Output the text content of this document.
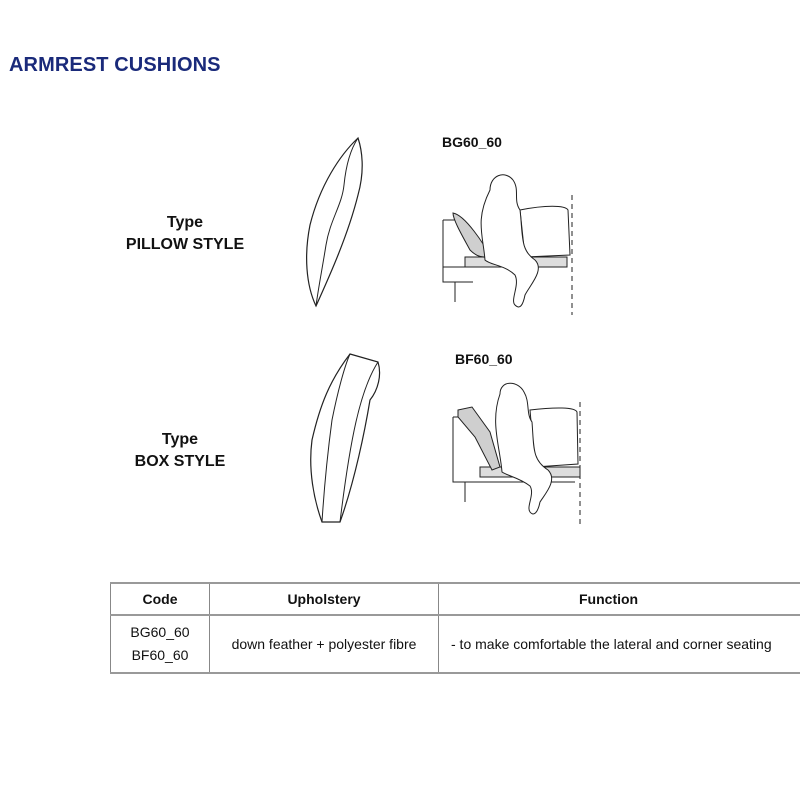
ARMREST CUSHIONS
Type
PILLOW STYLE
BG60_60
Type
BOX STYLE
BF60_60
Code	Upholstery	Function

BG60_60
BF60_60	down feather + polyester fibre	- to make comfortable the lateral and corner seating
